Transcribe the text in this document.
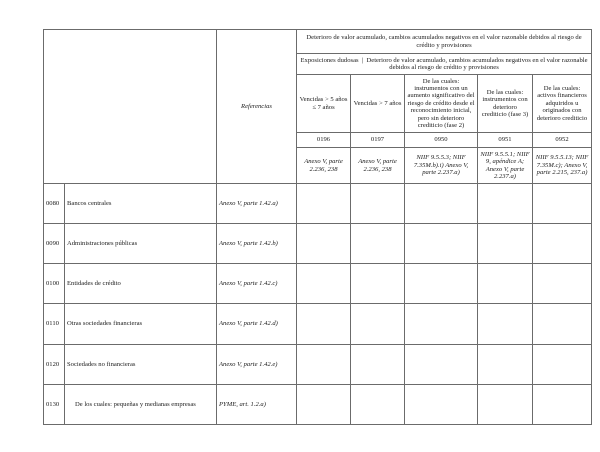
		Referencias	Deterioro de valor acumulado, cambios acumulados negativos en el valor razonable debidos al riesgo de crédito y provisiones				
			Exposiciones dudosas  |  Deterioro de valor acumulado, cambios acumulados negativos en el valor razonable debidos al riesgo de crédito y provisiones				
			Vencidas > 5 años ≤ 7 años	Vencidas > 7 años	De las cuales: instrumentos con un aumento significativo del riesgo de crédito desde el reconocimiento inicial, pero sin deterioro crediticio (fase 2)	De las cuales: instrumentos con deterioro crediticio (fase 3)	De las cuales: activos financieros adquiridos u originados con deterioro crediticio
			0196	0197	0950	0951	0952
			Anexo V, parte 2.236, 238	Anexo V, parte 2.236, 238	NIIF 9.5.5.3; NIIF 7.35M.b).i) Anexo V, parte 2.237.a)	NIIF 9.5.5.1; NIIF 9, apéndice A; Anexo V, parte 2.237.a)	NIIF 9.5.5.13; NIIF 7.35M.c); Anexo V, parte 2.215, 237.a)
0080	Bancos centrales	Anexo V, parte 1.42.a)					
0090	Administraciones públicas	Anexo V, parte 1.42.b)					
0100	Entidades de crédito	Anexo V, parte 1.42.c)					
0110	Otras sociedades financieras	Anexo V, parte 1.42.d)					
0120	Sociedades no financieras	Anexo V, parte 1.42.e)					
0130	De los cuales: pequeñas y medianas empresas	PYME, art. 1.2.a)					
